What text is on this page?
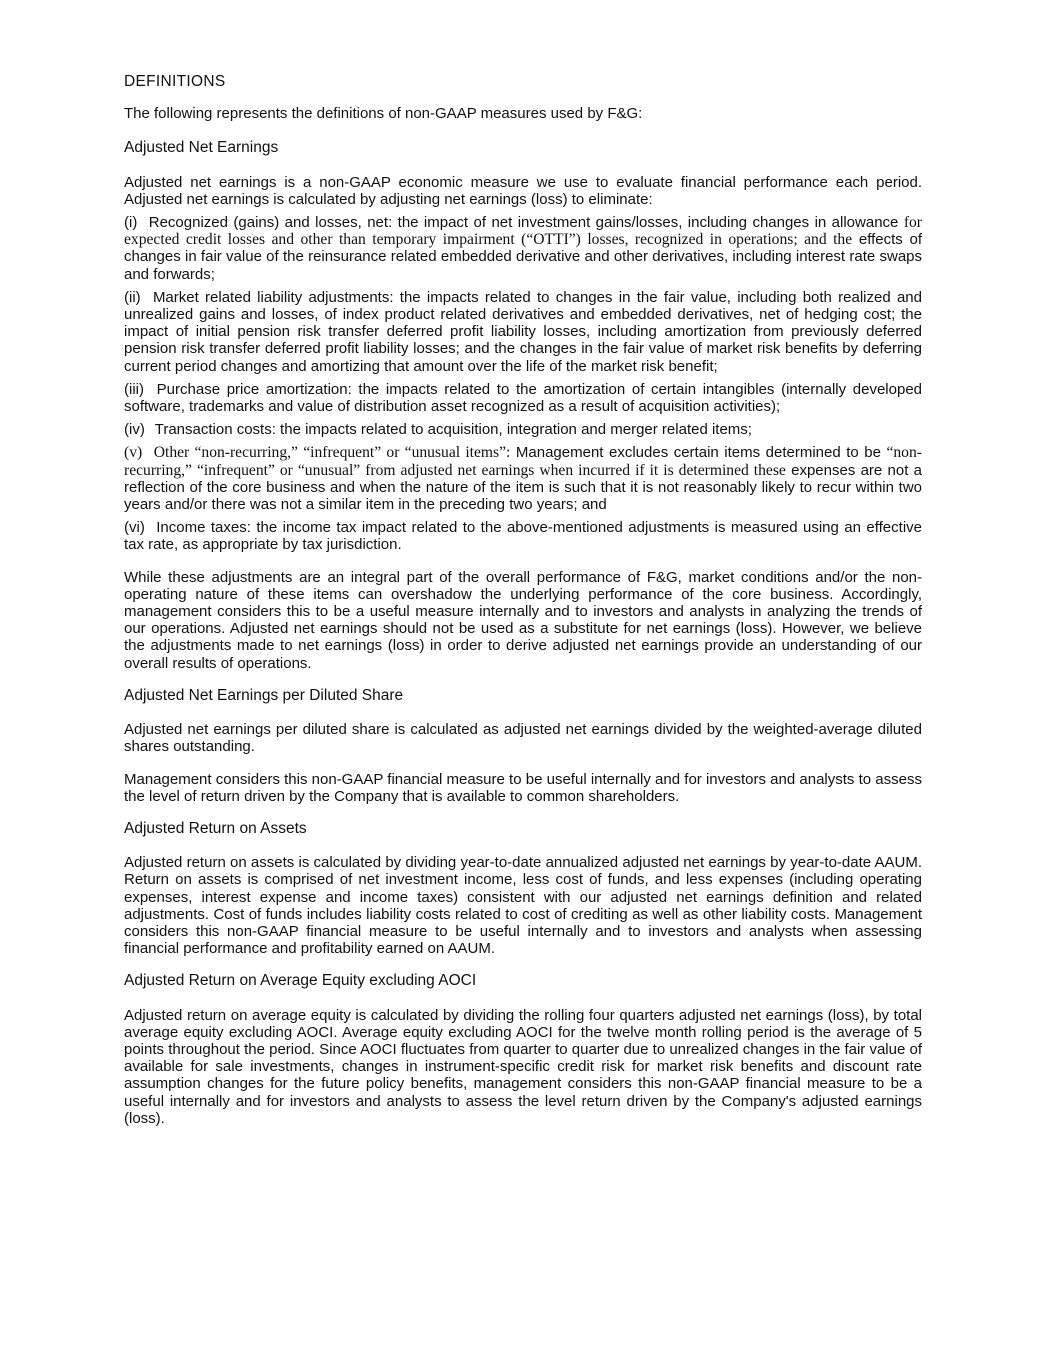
DEFINITIONS
The following represents the definitions of non-GAAP measures used by F&G:
Adjusted Net Earnings
Adjusted net earnings is a non-GAAP economic measure we use to evaluate financial performance each period. Adjusted net earnings is calculated by adjusting net earnings (loss) to eliminate:
(i) Recognized (gains) and losses, net: the impact of net investment gains/losses, including changes in allowance for expected credit losses and other than temporary impairment (“OTTI”) losses, recognized in operations; and the effects of changes in fair value of the reinsurance related embedded derivative and other derivatives, including interest rate swaps and forwards;
(ii) Market related liability adjustments: the impacts related to changes in the fair value, including both realized and unrealized gains and losses, of index product related derivatives and embedded derivatives, net of hedging cost; the impact of initial pension risk transfer deferred profit liability losses, including amortization from previously deferred pension risk transfer deferred profit liability losses; and the changes in the fair value of market risk benefits by deferring current period changes and amortizing that amount over the life of the market risk benefit;
(iii) Purchase price amortization: the impacts related to the amortization of certain intangibles (internally developed software, trademarks and value of distribution asset recognized as a result of acquisition activities);
(iv) Transaction costs: the impacts related to acquisition, integration and merger related items;
(v) Other “non-recurring,” “infrequent” or “unusual items”: Management excludes certain items determined to be “non-recurring,” “infrequent” or “unusual” from adjusted net earnings when incurred if it is determined these expenses are not a reflection of the core business and when the nature of the item is such that it is not reasonably likely to recur within two years and/or there was not a similar item in the preceding two years; and
(vi) Income taxes: the income tax impact related to the above-mentioned adjustments is measured using an effective tax rate, as appropriate by tax jurisdiction.
While these adjustments are an integral part of the overall performance of F&G, market conditions and/or the non-operating nature of these items can overshadow the underlying performance of the core business. Accordingly, management considers this to be a useful measure internally and to investors and analysts in analyzing the trends of our operations. Adjusted net earnings should not be used as a substitute for net earnings (loss). However, we believe the adjustments made to net earnings (loss) in order to derive adjusted net earnings provide an understanding of our overall results of operations.
Adjusted Net Earnings per Diluted Share
Adjusted net earnings per diluted share is calculated as adjusted net earnings divided by the weighted-average diluted shares outstanding.
Management considers this non-GAAP financial measure to be useful internally and for investors and analysts to assess the level of return driven by the Company that is available to common shareholders.
Adjusted Return on Assets
Adjusted return on assets is calculated by dividing year-to-date annualized adjusted net earnings by year-to-date AAUM. Return on assets is comprised of net investment income, less cost of funds, and less expenses (including operating expenses, interest expense and income taxes) consistent with our adjusted net earnings definition and related adjustments. Cost of funds includes liability costs related to cost of crediting as well as other liability costs. Management considers this non-GAAP financial measure to be useful internally and to investors and analysts when assessing financial performance and profitability earned on AAUM.
Adjusted Return on Average Equity excluding AOCI
Adjusted return on average equity is calculated by dividing the rolling four quarters adjusted net earnings (loss), by total average equity excluding AOCI. Average equity excluding AOCI for the twelve month rolling period is the average of 5 points throughout the period. Since AOCI fluctuates from quarter to quarter due to unrealized changes in the fair value of available for sale investments, changes in instrument-specific credit risk for market risk benefits and discount rate assumption changes for the future policy benefits, management considers this non-GAAP financial measure to be a useful internally and for investors and analysts to assess the level return driven by the Company's adjusted earnings (loss).
